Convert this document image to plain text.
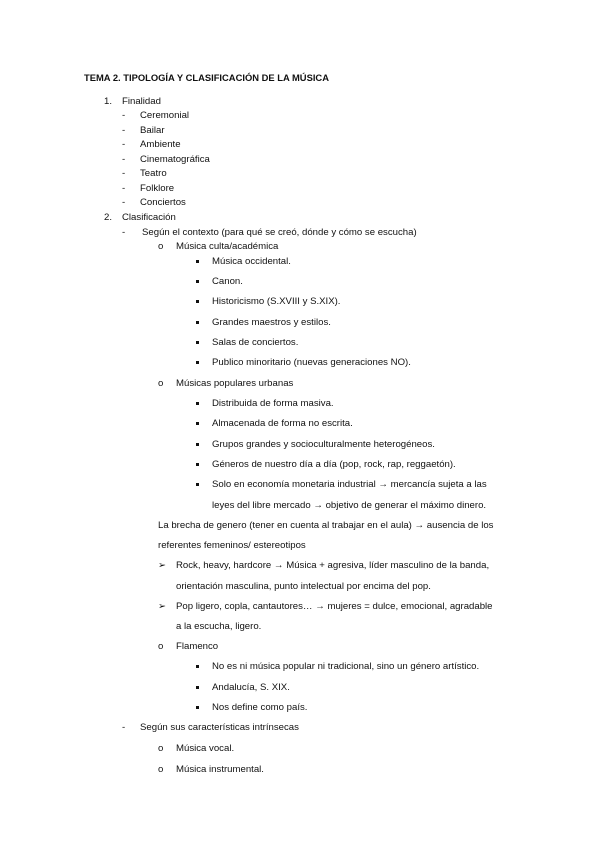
TEMA 2. TIPOLOGÍA Y CLASIFICACIÓN DE LA MÚSICA
1. Finalidad
- Ceremonial
- Bailar
- Ambiente
- Cinematográfica
- Teatro
- Folklore
- Conciertos
2. Clasificación
- Según el contexto (para qué se creó, dónde y cómo se escucha)
o Música culta/académica
Música occidental.
Canon.
Historicismo (S.XVIII y S.XIX).
Grandes maestros y estilos.
Salas de conciertos.
Publico minoritario (nuevas generaciones NO).
o Músicas populares urbanas
Distribuida de forma masiva.
Almacenada de forma no escrita.
Grupos grandes y socioculturalmente heterogéneos.
Géneros de nuestro día a día (pop, rock, rap, reggaetón).
Solo en economía monetaria industrial → mercancía sujeta a las
leyes del libre mercado → objetivo de generar el máximo dinero.
La brecha de genero (tener en cuenta al trabajar en el aula) → ausencia de los
referentes femeninos/ estereotipos
➢ Rock, heavy, hardcore → Música + agresiva, líder masculino de la banda,
orientación masculina, punto intelectual por encima del pop.
➢ Pop ligero, copla, cantautores… → mujeres = dulce, emocional, agradable
a la escucha, ligero.
o Flamenco
No es ni música popular ni tradicional, sino un género artístico.
Andalucía, S. XIX.
Nos define como país.
- Según sus características intrínsecas
o Música vocal.
o Música instrumental.
